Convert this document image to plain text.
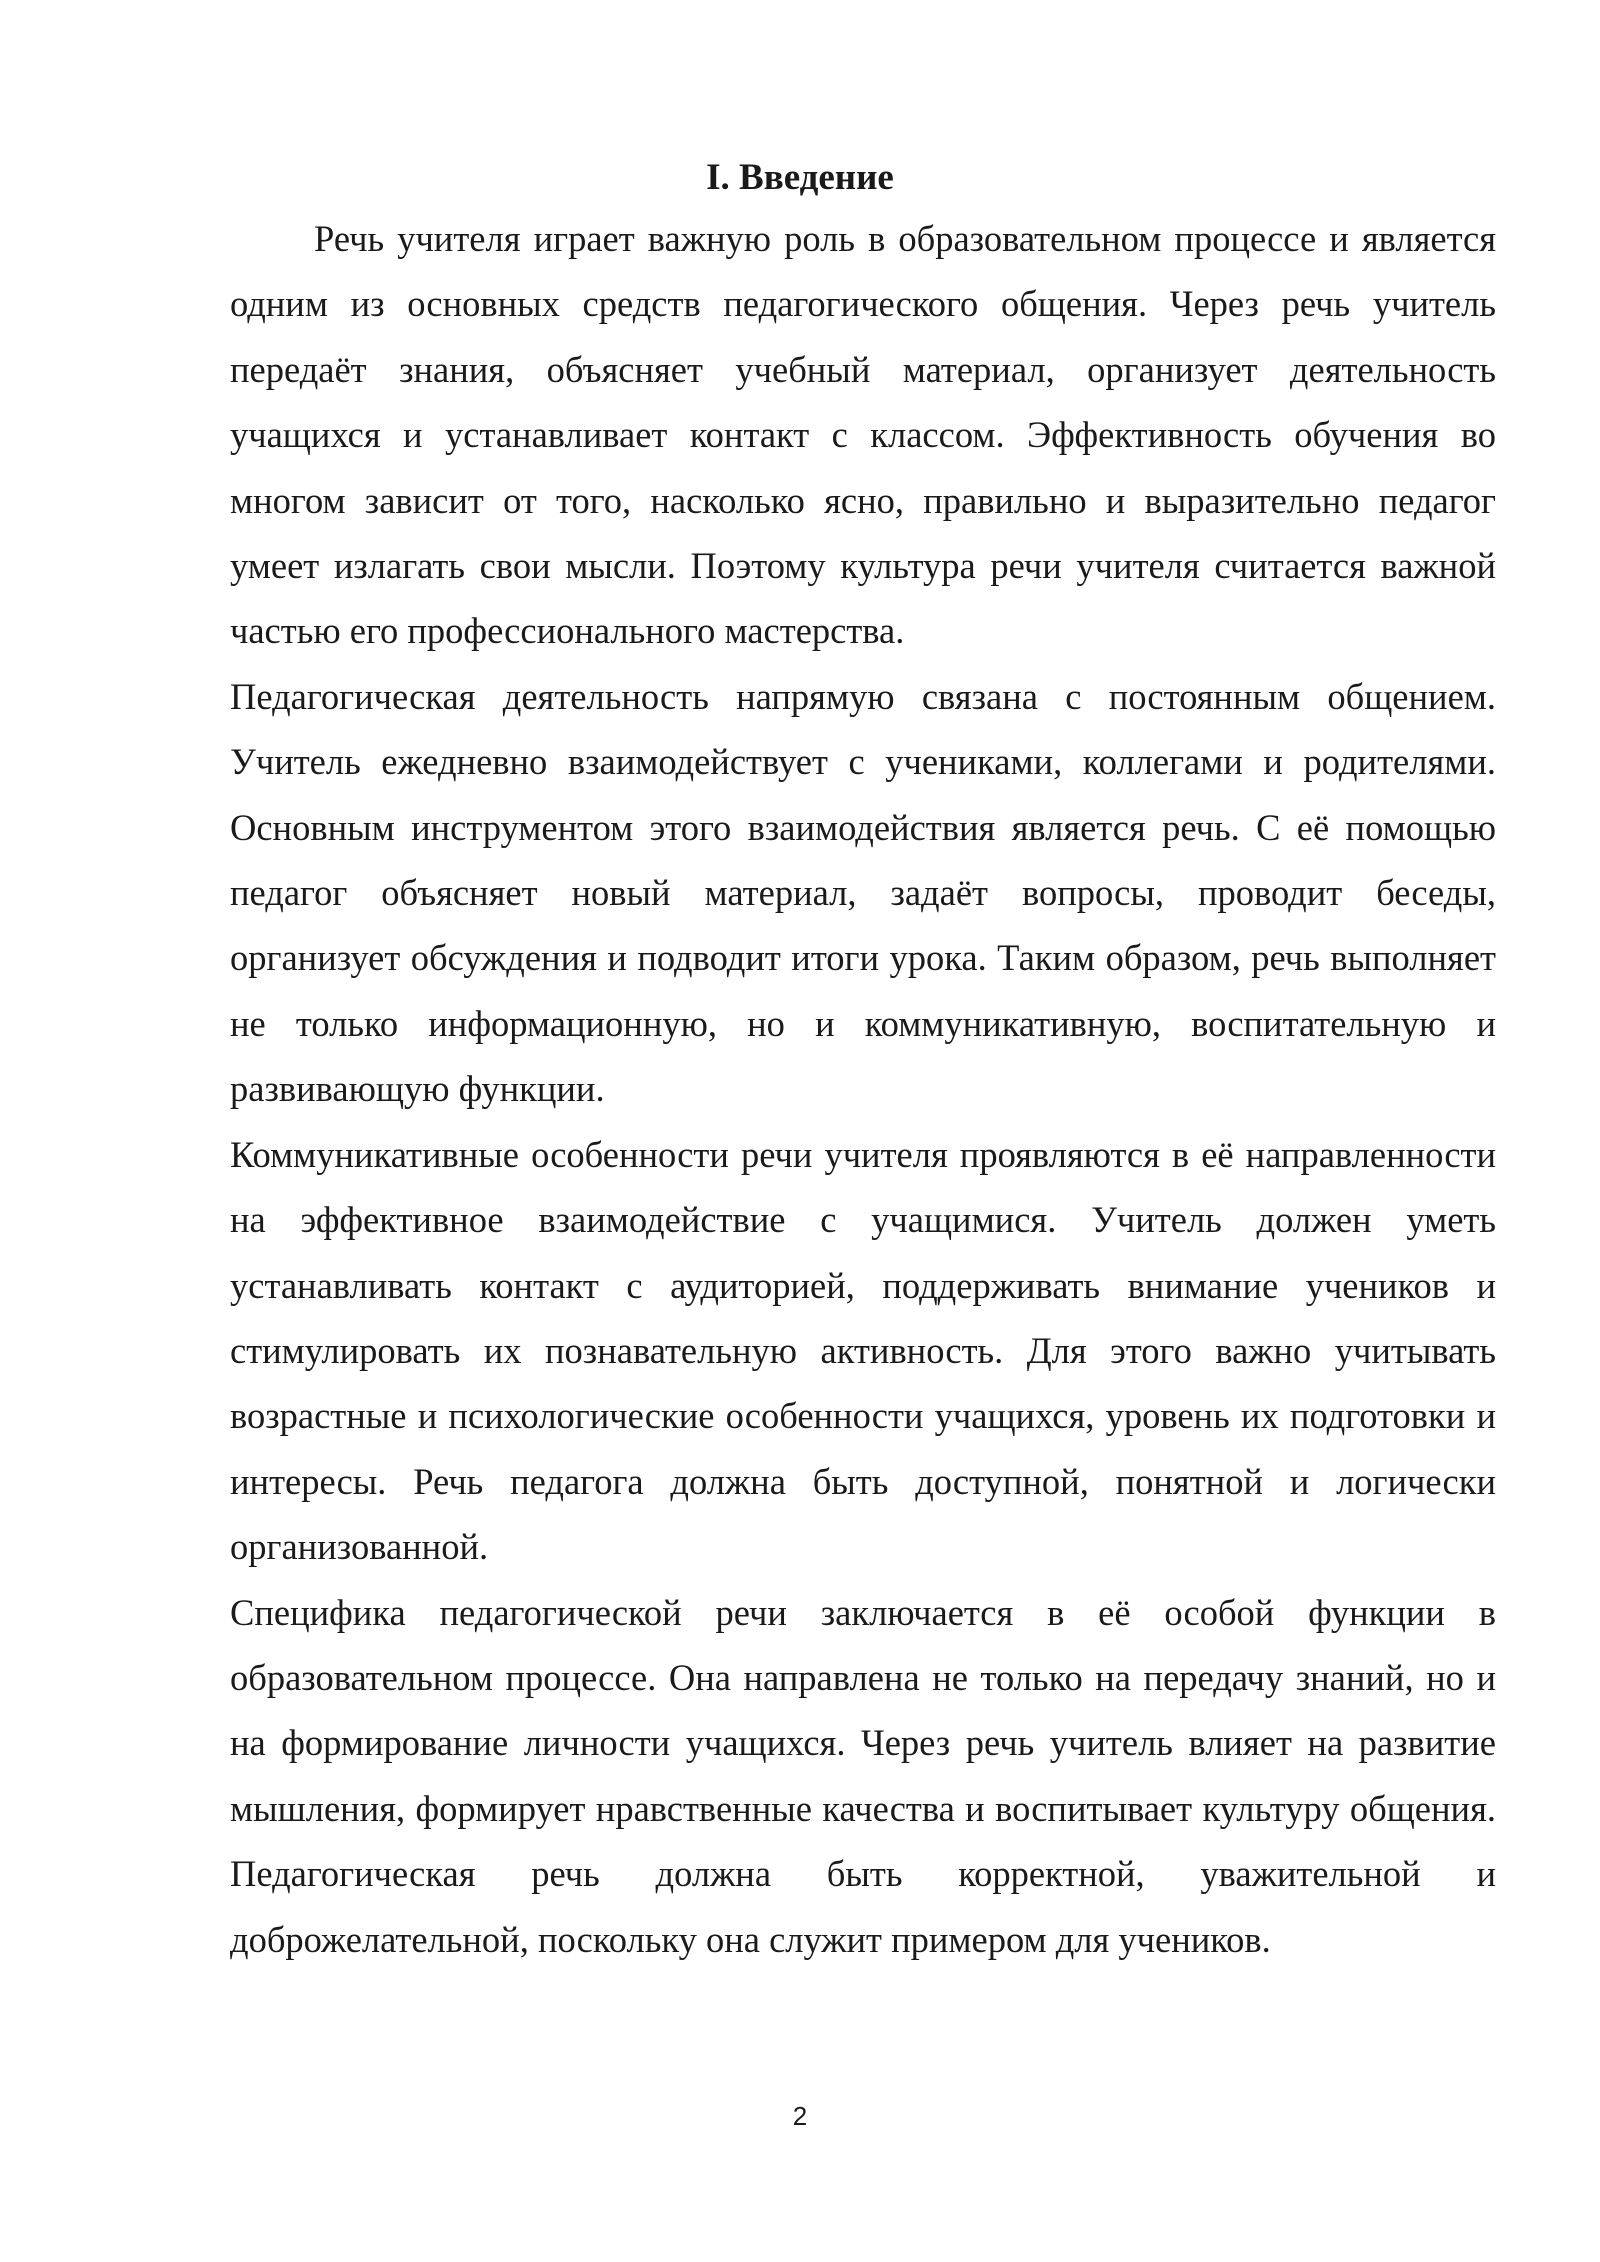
I. Введение

Речь учителя играет важную роль в образовательном процессе и является одним из основных средств педагогического общения. Через речь учитель передаёт знания, объясняет учебный материал, организует деятельность учащихся и устанавливает контакт с классом. Эффективность обучения во многом зависит от того, насколько ясно, правильно и выразительно педагог умеет излагать свои мысли. Поэтому культура речи учителя считается важной частью его профессионального мастерства.

Педагогическая деятельность напрямую связана с постоянным общением. Учитель ежедневно взаимодействует с учениками, коллегами и родителями. Основным инструментом этого взаимодействия является речь. С её помощью педагог объясняет новый материал, задаёт вопросы, проводит беседы, организует обсуждения и подводит итоги урока. Таким образом, речь выполняет не только информационную, но и коммуникативную, воспитательную и развивающую функции.

Коммуникативные особенности речи учителя проявляются в её направленности на эффективное взаимодействие с учащимися. Учитель должен уметь устанавливать контакт с аудиторией, поддерживать внимание учеников и стимулировать их познавательную активность. Для этого важно учитывать возрастные и психологические особенности учащихся, уровень их подготовки и интересы. Речь педагога должна быть доступной, понятной и логически организованной.

Специфика педагогической речи заключается в её особой функции в образовательном процессе. Она направлена не только на передачу знаний, но и на формирование личности учащихся. Через речь учитель влияет на развитие мышления, формирует нравственные качества и воспитывает культуру общения. Педагогическая речь должна быть корректной, уважительной и доброжелательной, поскольку она служит примером для учеников.

2
